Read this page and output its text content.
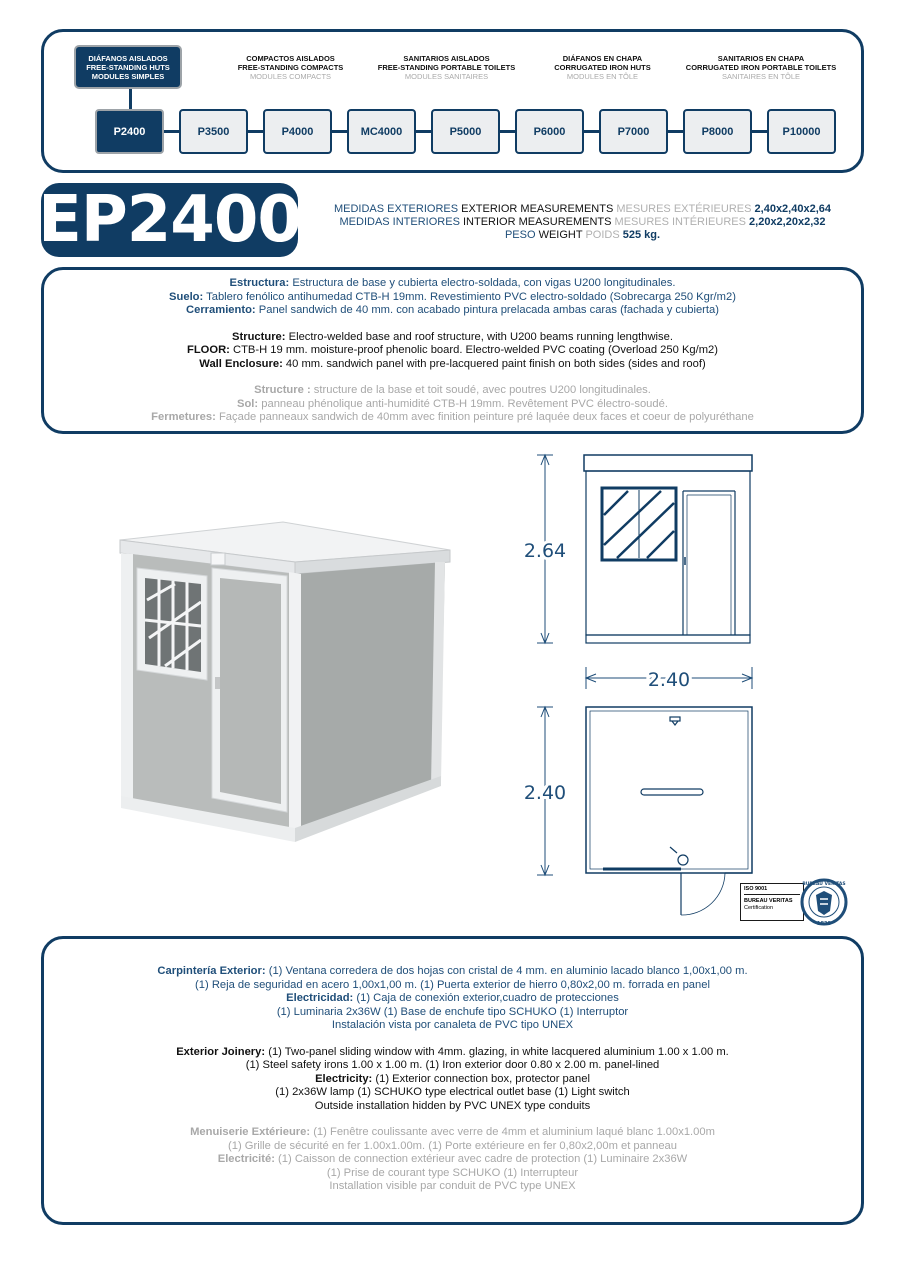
DIÁFANOS AISLADOS
FREE-STANDING HUTS
MODULES SIMPLES
COMPACTOS AISLADOS
FREE-STANDING COMPACTS
MODULES COMPACTS
SANITARIOS AISLADOS
FREE-STANDING PORTABLE TOILETS
MODULES SANITAIRES
DIÁFANOS EN CHAPA
CORRUGATED IRON HUTS
MODULES EN TÔLE
SANITARIOS EN CHAPA
CORRUGATED IRON PORTABLE TOILETS
SANITAIRES EN TÔLE
P2400	P3500	P4000	MC4000	P5000	P6000	P7000	P8000	P10000
EP2400	MEDIDAS EXTERIORES EXTERIOR MEASUREMENTS MESURES EXTÉRIEURES 2,40x2,40x2,64
MEDIDAS INTERIORES INTERIOR MEASUREMENTS MESURES INTÉRIEURES 2,20x2,20x2,32
PESO WEIGHT POIDS 525 kg.
Estructura: Estructura de base y cubierta electro-soldada, con vigas U200 longitudinales.
Suelo: Tablero fenólico antihumedad CTB-H 19mm. Revestimiento PVC electro-soldado (Sobrecarga 250 Kgr/m2)
Cerramiento: Panel sandwich de 40 mm. con acabado pintura prelacada ambas caras (fachada y cubierta)
Structure: Electro-welded base and roof structure, with U200 beams running lengthwise.
FLOOR: CTB-H 19 mm. moisture-proof phenolic board. Electro-welded PVC coating (Overload 250 Kg/m2)
Wall Enclosure: 40 mm. sandwich panel with pre-lacquered paint finish on both sides (sides and roof)
Structure : structure de la base et toit soudé, avec poutres U200 longitudinales.
Sol: panneau phénolique anti-humidité CTB-H 19mm. Revêtement PVC électro-soudé.
Fermetures: Façade panneaux sandwich de 40mm avec finition peinture pré laquée deux faces et coeur de polyuréthane
2.64
2.40
2.40
ISO 9001
BUREAU VERITAS
Certification
1828
BUREAU VERITAS
Carpintería Exterior: (1) Ventana corredera de dos hojas con cristal de 4 mm. en aluminio lacado blanco 1,00x1,00 m.
(1) Reja de seguridad en acero 1,00x1,00 m. (1) Puerta exterior de hierro 0,80x2,00 m. forrada en panel
Electricidad: (1) Caja de conexión exterior,cuadro de protecciones
(1) Luminaria 2x36W (1) Base de enchufe tipo SCHUKO (1) Interruptor
Instalación vista por canaleta de PVC tipo UNEX
Exterior Joinery: (1) Two-panel sliding window with 4mm. glazing, in white lacquered aluminium 1.00 x 1.00 m.
(1) Steel safety irons 1.00 x 1.00 m. (1) Iron exterior door 0.80 x 2.00 m. panel-lined
Electricity: (1) Exterior connection box, protector panel
(1) 2x36W lamp (1) SCHUKO type electrical outlet base (1) Light switch
Outside installation hidden by PVC UNEX type conduits
Menuiserie Extérieure: (1) Fenêtre coulissante avec verre de 4mm et aluminium laqué blanc 1.00x1.00m
(1) Grille de sécurité en fer 1.00x1.00m. (1) Porte extérieure en fer 0,80x2,00m et panneau
Electricité: (1) Caisson de connection extérieur avec cadre de protection (1) Luminaire 2x36W
(1) Prise de courant type SCHUKO (1) Interrupteur
Installation visible par conduit de PVC type UNEX
